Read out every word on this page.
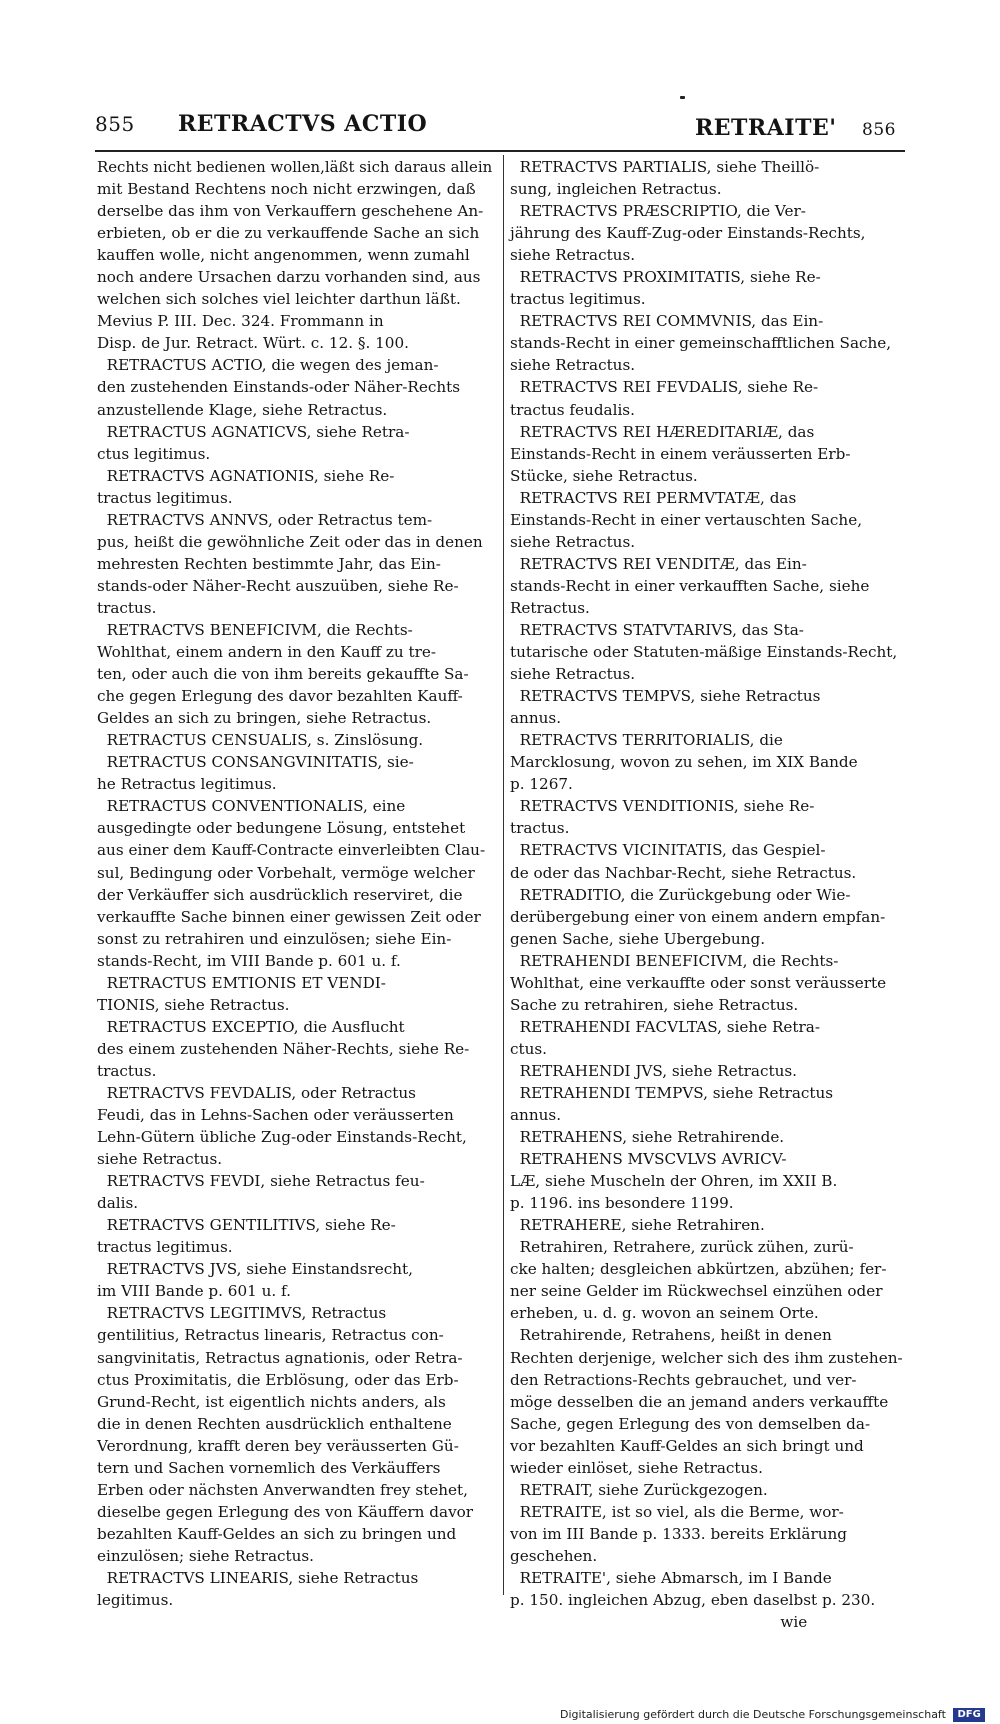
855 RETRACTVS ACTIO	RETRAITE' 856

Rechts nicht bedienen wollen,läßt sich daraus allein

mit Bestand Rechtens noch nicht erzwingen, daß

derselbe das ihm von Verkauffern geschehene An-

erbieten, ob er die zu verkauffende Sache an sich

kauffen wolle, nicht angenommen, wenn zumahl

noch andere Ursachen darzu vorhanden sind, aus

welchen sich solches viel leichter darthun läßt.

Mevius P. III. Dec. 324. Frommann in

Disp. de Jur. Retract. Würt. c. 12. §. 100.

RETRACTUS ACTIO, die wegen des jeman-

den zustehenden Einstands-oder Näher-Rechts

anzustellende Klage, siehe Retractus.

RETRACTUS AGNATICVS, siehe Retra-

ctus legitimus.

RETRACTVS AGNATIONIS, siehe Re-

tractus legitimus.

RETRACTVS ANNVS, oder Retractus tem-

pus, heißt die gewöhnliche Zeit oder das in denen

mehresten Rechten bestimmte Jahr, das Ein-

stands-oder Näher-Recht auszuüben, siehe Re-

tractus.

RETRACTVS BENEFICIVM, die Rechts-

Wohlthat, einem andern in den Kauff zu tre-

ten, oder auch die von ihm bereits gekauffte Sa-

che gegen Erlegung des davor bezahlten Kauff-

Geldes an sich zu bringen, siehe Retractus.

RETRACTUS CENSUALIS, s. Zinslösung.

RETRACTUS CONSANGVINITATIS, sie-

he Retractus legitimus.

RETRACTUS CONVENTIONALIS, eine

ausgedingte oder bedungene Lösung, entstehet

aus einer dem Kauff-Contracte einverleibten Clau-

sul, Bedingung oder Vorbehalt, vermöge welcher

der Verkäuffer sich ausdrücklich reserviret, die

verkauffte Sache binnen einer gewissen Zeit oder

sonst zu retrahiren und einzulösen; siehe Ein-

stands-Recht, im VIII Bande p. 601 u. f.

RETRACTUS EMTIONIS ET VENDI-

TIONIS, siehe Retractus.

RETRACTUS EXCEPTIO, die Ausflucht

des einem zustehenden Näher-Rechts, siehe Re-

tractus.

RETRACTVS FEVDALIS, oder Retractus

Feudi, das in Lehns-Sachen oder veräusserten

Lehn-Gütern übliche Zug-oder Einstands-Recht,

siehe Retractus.

RETRACTVS FEVDI, siehe Retractus feu-

dalis.

RETRACTVS GENTILITIVS, siehe Re-

tractus legitimus.

RETRACTVS JVS, siehe Einstandsrecht,

im VIII Bande p. 601 u. f.

RETRACTVS LEGITIMVS, Retractus

gentilitius, Retractus linearis, Retractus con-

sangvinitatis, Retractus agnationis, oder Retra-

ctus Proximitatis, die Erblösung, oder das Erb-

Grund-Recht, ist eigentlich nichts anders, als

die in denen Rechten ausdrücklich enthaltene

Verordnung, krafft deren bey veräusserten Gü-

tern und Sachen vornemlich des Verkäuffers

Erben oder nächsten Anverwandten frey stehet,

dieselbe gegen Erlegung des von Käuffern davor

bezahlten Kauff-Geldes an sich zu bringen und

einzulösen; siehe Retractus.

RETRACTVS LINEARIS, siehe Retractus

legitimus.

RETRACTVS PARTIALIS, siehe Theillö-

sung, ingleichen Retractus.

RETRACTVS PRÆSCRIPTIO, die Ver-

jährung des Kauff-Zug-oder Einstands-Rechts,

siehe Retractus.

RETRACTVS PROXIMITATIS, siehe Re-

tractus legitimus.

RETRACTVS REI COMMVNIS, das Ein-

stands-Recht in einer gemeinschafftlichen Sache,

siehe Retractus.

RETRACTVS REI FEVDALIS, siehe Re-

tractus feudalis.

RETRACTVS REI HÆREDITARIÆ, das

Einstands-Recht in einem veräusserten Erb-

Stücke, siehe Retractus.

RETRACTVS REI PERMVTATÆ, das

Einstands-Recht in einer vertauschten Sache,

siehe Retractus.

RETRACTVS REI VENDITÆ, das Ein-

stands-Recht in einer verkaufften Sache, siehe

Retractus.

RETRACTVS STATVTARIVS, das Sta-

tutarische oder Statuten-mäßige Einstands-Recht,

siehe Retractus.

RETRACTVS TEMPVS, siehe Retractus

annus.

RETRACTVS TERRITORIALIS, die

Marcklosung, wovon zu sehen, im XIX Bande

p. 1267.

RETRACTVS VENDITIONIS, siehe Re-

tractus.

RETRACTVS VICINITATIS, das Gespiel-

de oder das Nachbar-Recht, siehe Retractus.

RETRADITIO, die Zurückgebung oder Wie-

derübergebung einer von einem andern empfan-

genen Sache, siehe Ubergebung.

RETRAHENDI BENEFICIVM, die Rechts-

Wohlthat, eine verkauffte oder sonst veräusserte

Sache zu retrahiren, siehe Retractus.

RETRAHENDI FACVLTAS, siehe Retra-

ctus.

RETRAHENDI JVS, siehe Retractus.

RETRAHENDI TEMPVS, siehe Retractus

annus.

RETRAHENS, siehe Retrahirende.

RETRAHENS MVSCVLVS AVRICV-

LÆ, siehe Muscheln der Ohren, im XXII B.

p. 1196. ins besondere 1199.

RETRAHERE, siehe Retrahiren.

Retrahiren, Retrahere, zurück zühen, zurü-

cke halten; desgleichen abkürtzen, abzühen; fer-

ner seine Gelder im Rückwechsel einzühen oder

erheben, u. d. g. wovon an seinem Orte.

Retrahirende, Retrahens, heißt in denen

Rechten derjenige, welcher sich des ihm zustehen-

den Retractions-Rechts gebrauchet, und ver-

möge desselben die an jemand anders verkauffte

Sache, gegen Erlegung des von demselben da-

vor bezahlten Kauff-Geldes an sich bringt und

wieder einlöset, siehe Retractus.

RETRAIT, siehe Zurückgezogen.

RETRAITE, ist so viel, als die Berme, wor-

von im III Bande p. 1333. bereits Erklärung

geschehen.

RETRAITE', siehe Abmarsch, im I Bande

p. 150. ingleichen Abzug, eben daselbst p. 230.

wie

Digitalisierung gefördert durch die Deutsche Forschungsgemeinschaft DFG
